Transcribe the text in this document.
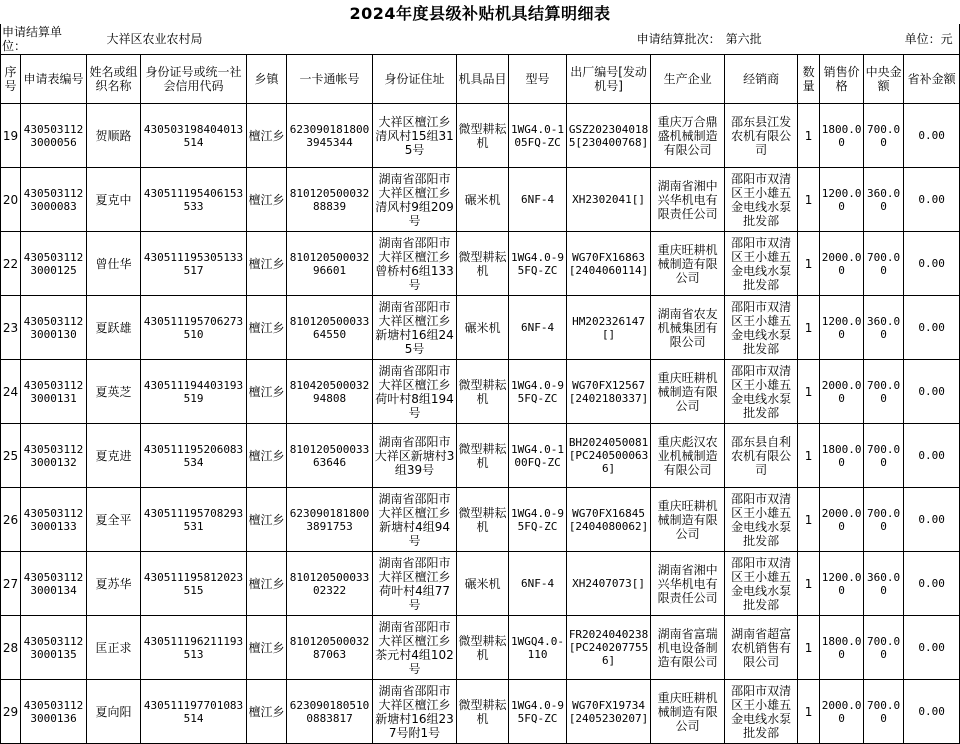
2024年度县级补贴机具结算明细表
申请结算单位：		大祥区农业农村局							申请结算批次：		第六批				单位：元
序号	申请表编号	姓名或组织名称	身份证号或统一社会信用代码	乡镇	一卡通帐号	身份证住址	机具品目	型号	出厂编号[发动机号]	生产企业	经销商	数量	销售价格	中央金额	省补金额
19	4305031123000056	贺顺路	430503198404013514	檀江乡	6230901818003945344	大祥区檀江乡清风村15组315号	微型耕耘机	1WG4.0-105FQ-ZC	GSZ2023040185[230400768]	重庆万合鼎盛机械制造有限公司	邵东县江发农机有限公司	1	1800.00	700.00	0.00
20	4305031123000083	夏克中	430511195406153533	檀江乡	81012050003288839	湖南省邵阳市大祥区檀江乡清风村9组209号	碾米机	6NF-4	XH2302041[]	湖南省湘中兴华机电有限责任公司	邵阳市双清区王小雄五金电线水泵批发部	1	1200.00	360.00	0.00
22	4305031123000125	曾仕华	430511195305133517	檀江乡	81012050003296601	湖南省邵阳市大祥区檀江乡曾桥村6组133号	微型耕耘机	1WG4.0-95FQ-ZC	WG70FX16863[2404060114]	重庆旺耕机械制造有限公司	邵阳市双清区王小雄五金电线水泵批发部	1	2000.00	700.00	0.00
23	4305031123000130	夏跃雄	430511195706273510	檀江乡	81012050003364550	湖南省邵阳市大祥区檀江乡新塘村16组245号	碾米机	6NF-4	HM202326147[]	湖南省农友机械集团有限公司	邵阳市双清区王小雄五金电线水泵批发部	1	1200.00	360.00	0.00
24	4305031123000131	夏英芝	430511194403193519	檀江乡	81042050003294808	湖南省邵阳市大祥区檀江乡荷叶村8组194号	微型耕耘机	1WG4.0-95FQ-ZC	WG70FX12567[2402180337]	重庆旺耕机械制造有限公司	邵阳市双清区王小雄五金电线水泵批发部	1	2000.00	700.00	0.00
25	4305031123000132	夏克进	430511195206083534	檀江乡	81012050003363646	湖南省邵阳市大祥区新塘村3组39号	微型耕耘机	1WG4.0-100FQ-ZC	BH2024050081[PC2405000636]	重庆彪汉农业机械制造有限公司	邵东县自利农机有限公司	1	1800.00	700.00	0.00
26	4305031123000133	夏全平	430511195708293531	檀江乡	6230901818003891753	湖南省邵阳市大祥区檀江乡新塘村4组94号	微型耕耘机	1WG4.0-95FQ-ZC	WG70FX16845[2404080062]	重庆旺耕机械制造有限公司	邵阳市双清区王小雄五金电线水泵批发部	1	2000.00	700.00	0.00
27	4305031123000134	夏苏华	430511195812023515	檀江乡	81012050003302322	湖南省邵阳市大祥区檀江乡荷叶村4组77号	碾米机	6NF-4	XH2407073[]	湖南省湘中兴华机电有限责任公司	邵阳市双清区王小雄五金电线水泵批发部	1	1200.00	360.00	0.00
28	4305031123000135	匡正求	430511196211193513	檀江乡	81012050003287063	湖南省邵阳市大祥区檀江乡茶元村4组102号	微型耕耘机	1WGQ4.0-110	FR2024040238[PC2402077556]	湖南省富瑞机电设备制造有限公司	湖南省超富农机销售有限公司	1	1800.00	700.00	0.00
29	4305031123000136	夏向阳	430511197701083514	檀江乡	6230901805100883817	湖南省邵阳市大祥区檀江乡新塘村16组237号附1号	微型耕耘机	1WG4.0-95FQ-ZC	WG70FX19734[2405230207]	重庆旺耕机械制造有限公司	邵阳市双清区王小雄五金电线水泵批发部	1	2000.00	700.00	0.00
